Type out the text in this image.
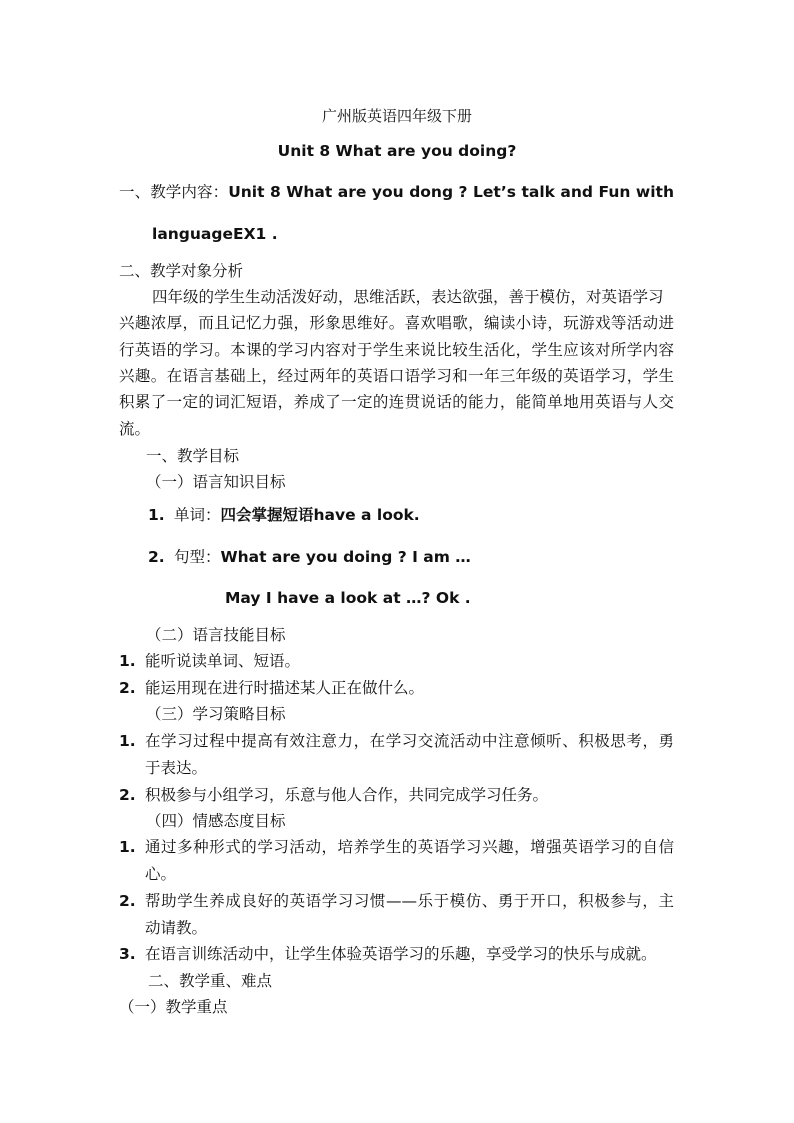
广州版英语四年级下册
Unit 8 What are you doing?
一、教学内容：Unit 8 What are you dong ? Let’s talk and Fun with
languageEX1 .
二、教学对象分析
四年级的学生生动活泼好动，思维活跃，表达欲强，善于模仿，对英语学习
兴趣浓厚，而且记忆力强，形象思维好。喜欢唱歌，编读小诗，玩游戏等活动进
行英语的学习。本课的学习内容对于学生来说比较生活化，学生应该对所学内容
兴趣。在语言基础上，经过两年的英语口语学习和一年三年级的英语学习，学生
积累了一定的词汇短语，养成了一定的连贯说话的能力，能简单地用英语与人交
流。
一、教学目标
（一）语言知识目标
1. 单词：四会掌握短语have a look.
2. 句型：What are you doing ? I am …
May I have a look at …? Ok .
（二）语言技能目标
1. 能听说读单词、短语。
2. 能运用现在进行时描述某人正在做什么。
（三）学习策略目标
1. 在学习过程中提高有效注意力，在学习交流活动中注意倾听、积极思考，勇
于表达。
2. 积极参与小组学习，乐意与他人合作，共同完成学习任务。
（四）情感态度目标
1. 通过多种形式的学习活动，培养学生的英语学习兴趣，增强英语学习的自信
心。
2. 帮助学生养成良好的英语学习习惯——乐于模仿、勇于开口，积极参与，主
动请教。
3. 在语言训练活动中，让学生体验英语学习的乐趣，享受学习的快乐与成就。
二、教学重、难点
（一）教学重点
